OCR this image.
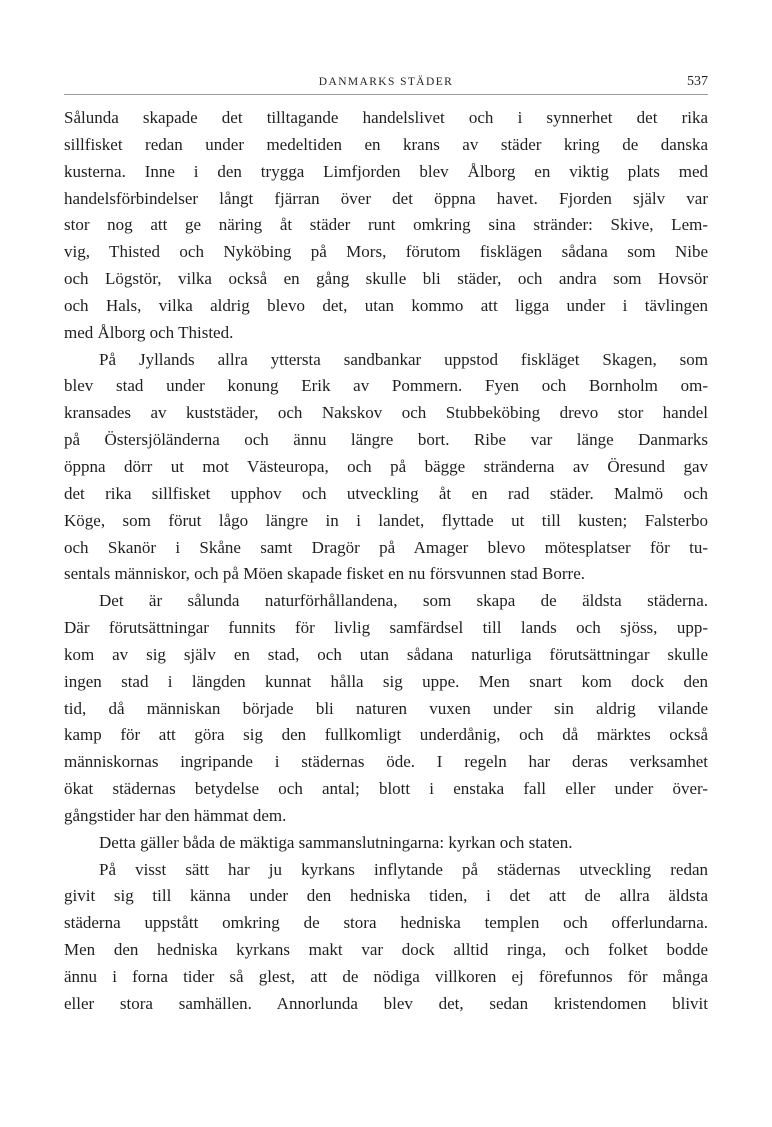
DANMARKS STÄDER	537
Sålunda skapade det tilltagande handelslivet och i synnerhet det rika
sillfisket redan under medeltiden en krans av städer kring de danska
kusterna. Inne i den trygga Limfjorden blev Ålborg en viktig plats med
handelsförbindelser långt fjärran över det öppna havet. Fjorden själv var
stor nog att ge näring åt städer runt omkring sina stränder: Skive, Lem-
vig, Thisted och Nyköbing på Mors, förutom fisklägen sådana som Nibe
och Lögstör, vilka också en gång skulle bli städer, och andra som Hovsör
och Hals, vilka aldrig blevo det, utan kommo att ligga under i tävlingen
med Ålborg och Thisted.
På Jyllands allra yttersta sandbankar uppstod fiskläget Skagen, som
blev stad under konung Erik av Pommern. Fyen och Bornholm om-
kransades av kuststäder, och Nakskov och Stubbeköbing drevo stor handel
på Östersjöländerna och ännu längre bort. Ribe var länge Danmarks
öppna dörr ut mot Västeuropa, och på bägge stränderna av Öresund gav
det rika sillfisket upphov och utveckling åt en rad städer. Malmö och
Köge, som förut lågo längre in i landet, flyttade ut till kusten; Falsterbo
och Skanör i Skåne samt Dragör på Amager blevo mötesplatser för tu-
sentals människor, och på Möen skapade fisket en nu försvunnen stad Borre.
Det är sålunda naturförhållandena, som skapa de äldsta städerna.
Där förutsättningar funnits för livlig samfärdsel till lands och sjöss, upp-
kom av sig själv en stad, och utan sådana naturliga förutsättningar skulle
ingen stad i längden kunnat hålla sig uppe. Men snart kom dock den
tid, då människan började bli naturen vuxen under sin aldrig vilande
kamp för att göra sig den fullkomligt underdånig, och då märktes också
människornas ingripande i städernas öde. I regeln har deras verksamhet
ökat städernas betydelse och antal; blott i enstaka fall eller under över-
gångstider har den hämmat dem.
Detta gäller båda de mäktiga sammanslutningarna: kyrkan och staten.
På visst sätt har ju kyrkans inflytande på städernas utveckling redan
givit sig till känna under den hedniska tiden, i det att de allra äldsta
städerna uppstått omkring de stora hedniska templen och offerlundarna.
Men den hedniska kyrkans makt var dock alltid ringa, och folket bodde
ännu i forna tider så glest, att de nödiga villkoren ej förefunnos för många
eller stora samhällen. Annorlunda blev det, sedan kristendomen blivit
